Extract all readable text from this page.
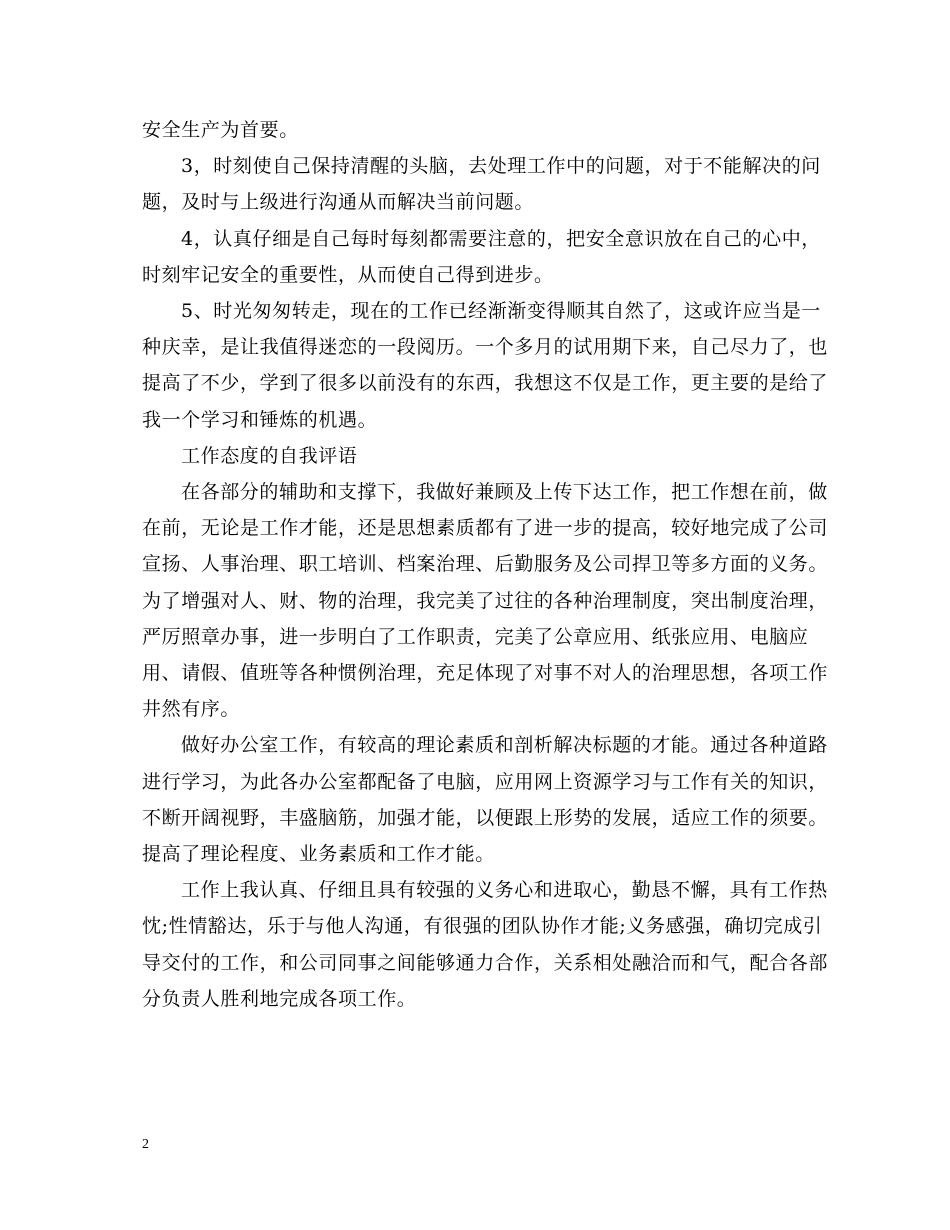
安全生产为首要。

3，时刻使自己保持清醒的头脑，去处理工作中的问题，对于不能解决的问题，及时与上级进行沟通从而解决当前问题。

4，认真仔细是自己每时每刻都需要注意的，把安全意识放在自己的心中，时刻牢记安全的重要性，从而使自己得到进步。

5、时光匆匆转走，现在的工作已经渐渐变得顺其自然了，这或许应当是一种庆幸，是让我值得迷恋的一段阅历。一个多月的试用期下来，自己尽力了，也提高了不少，学到了很多以前没有的东西，我想这不仅是工作，更主要的是给了我一个学习和锤炼的机遇。

工作态度的自我评语

在各部分的辅助和支撑下，我做好兼顾及上传下达工作，把工作想在前，做在前，无论是工作才能，还是思想素质都有了进一步的提高，较好地完成了公司宣扬、人事治理、职工培训、档案治理、后勤服务及公司捍卫等多方面的义务。为了增强对人、财、物的治理，我完美了过往的各种治理制度，突出制度治理，严厉照章办事，进一步明白了工作职责，完美了公章应用、纸张应用、电脑应用、请假、值班等各种惯例治理，充足体现了对事不对人的治理思想，各项工作井然有序。

做好办公室工作，有较高的理论素质和剖析解决标题的才能。通过各种道路进行学习，为此各办公室都配备了电脑，应用网上资源学习与工作有关的知识，不断开阔视野，丰盛脑筋，加强才能，以便跟上形势的发展，适应工作的须要。提高了理论程度、业务素质和工作才能。

工作上我认真、仔细且具有较强的义务心和进取心，勤恳不懈，具有工作热忱;性情豁达，乐于与他人沟通，有很强的团队协作才能;义务感强，确切完成引导交付的工作，和公司同事之间能够通力合作，关系相处融洽而和气，配合各部分负责人胜利地完成各项工作。

2
